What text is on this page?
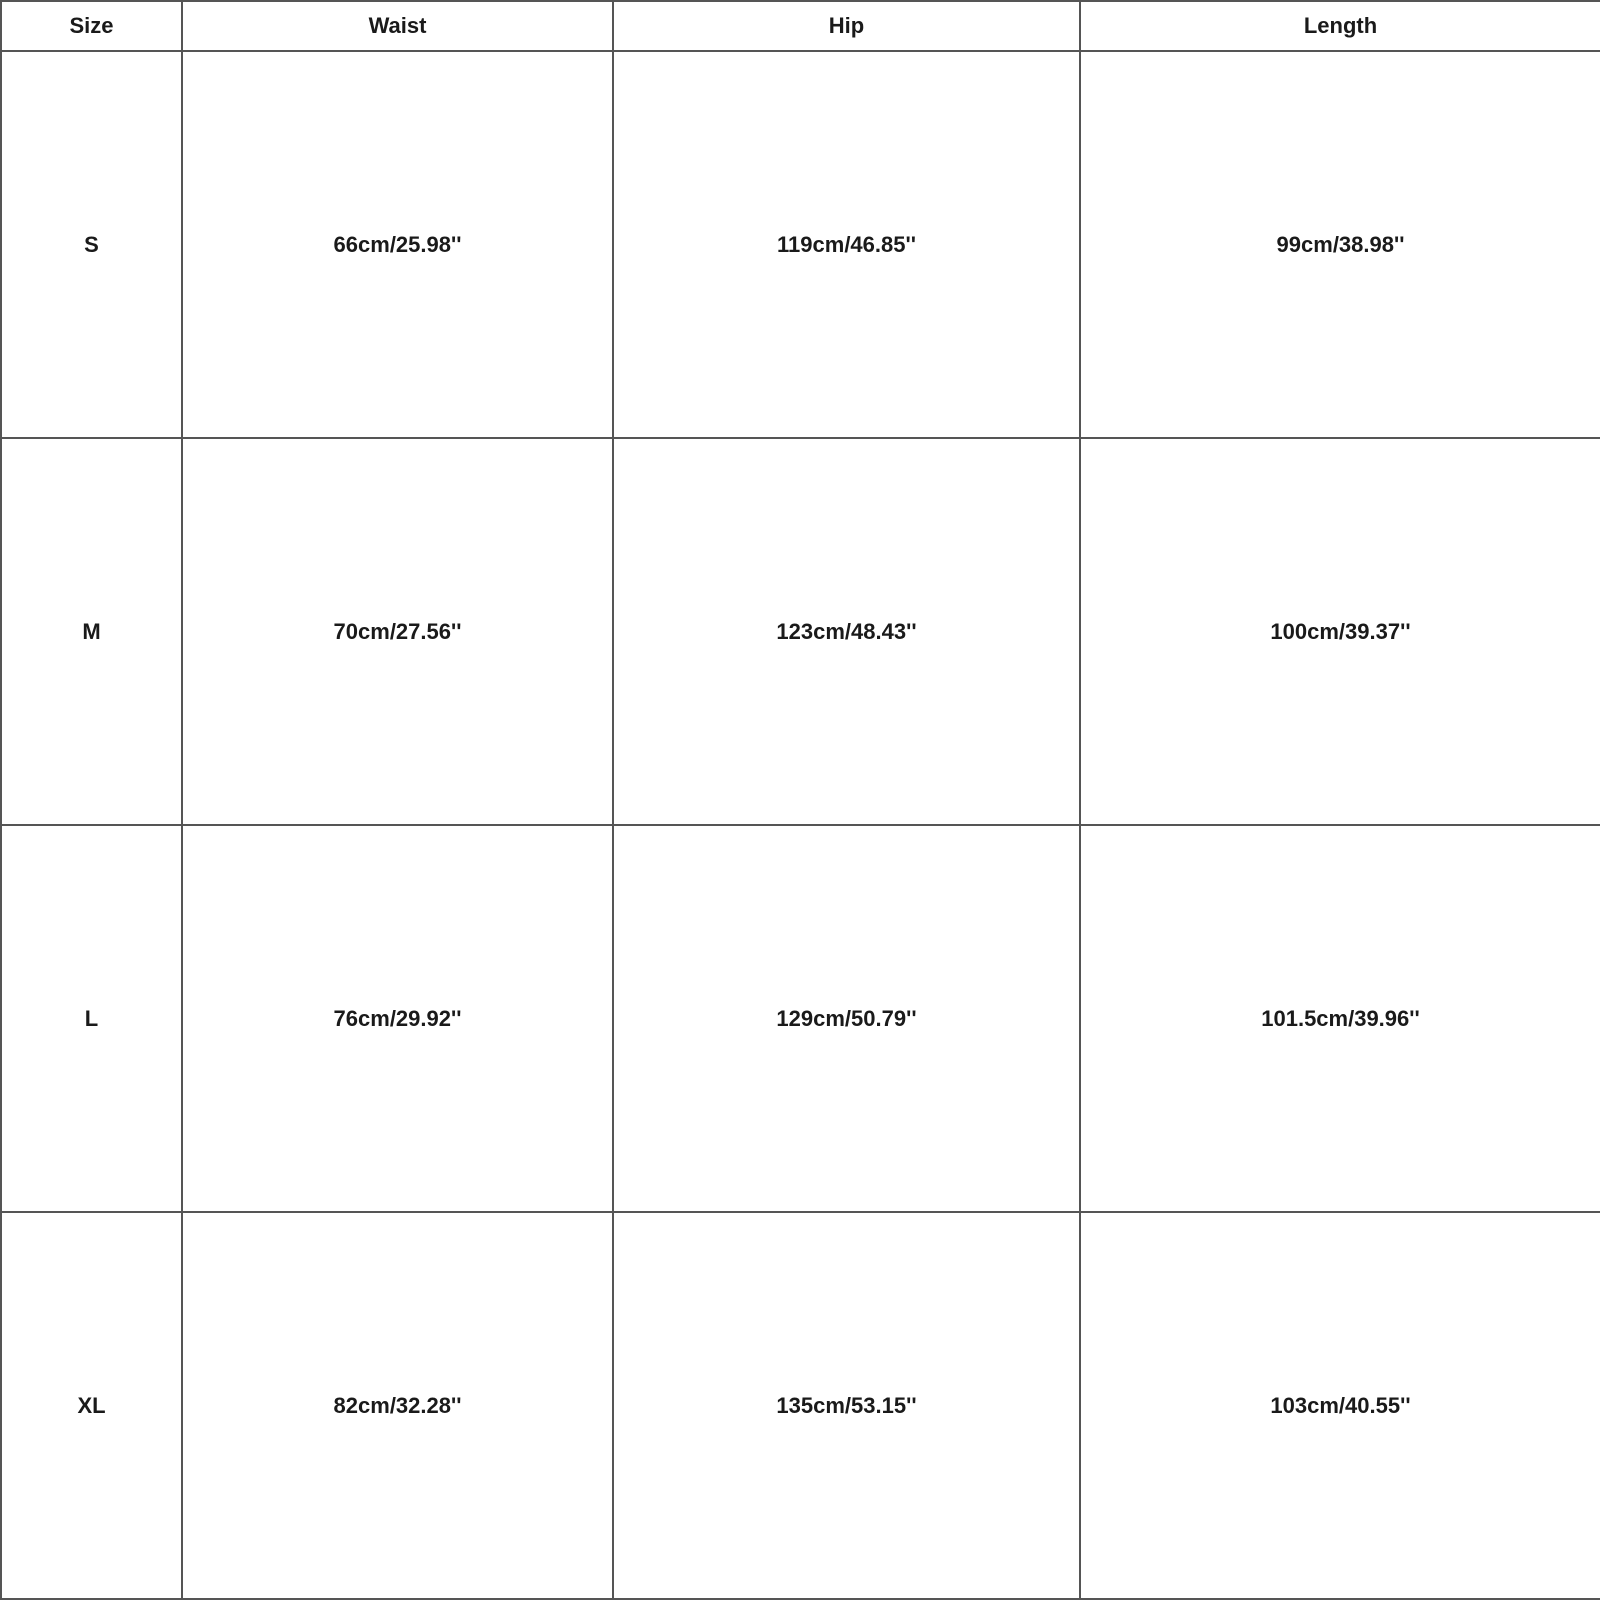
Size	Waist	Hip	Length
S	66cm/25.98''	119cm/46.85''	99cm/38.98''
M	70cm/27.56''	123cm/48.43''	100cm/39.37''
L	76cm/29.92''	129cm/50.79''	101.5cm/39.96''
XL	82cm/32.28''	135cm/53.15''	103cm/40.55''
